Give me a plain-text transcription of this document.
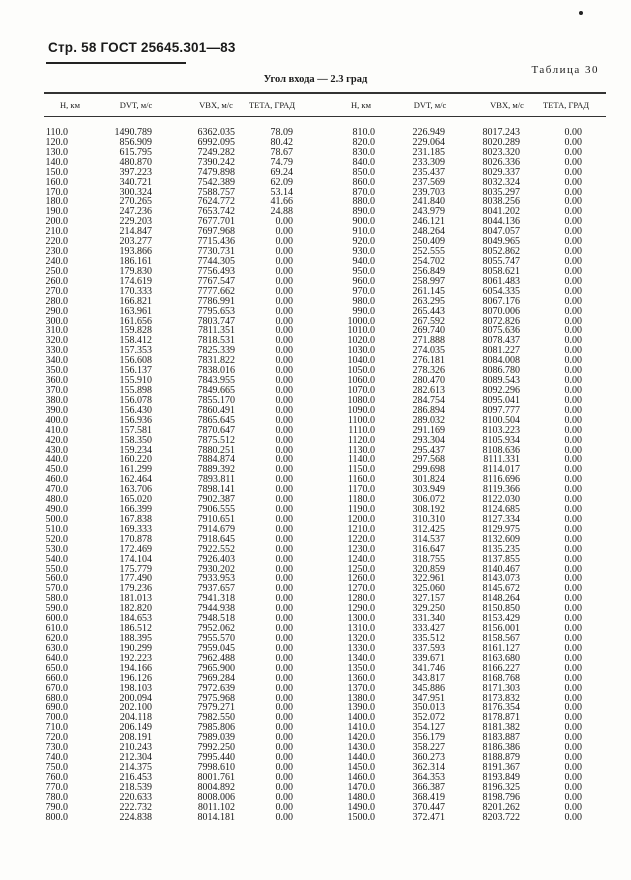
Стр. 58 ГОСТ 25645.301—83
Таблица 30
Угол входа — 2.3 град
H, км	DVT, м/с	VBX, м/с ТЕТА, ГРАД	H, км	DVT, м/с	VBX, м/с ТЕТА, ГРАД
110.0	1490.789	6362.035	78.09	810.0	226.949	8017.243	0.00
120.0	856.909	6992.095	80.42	820.0	229.064	8020.289	0.00
130.0	615.795	7249.282	78.67	830.0	231.185	8023.320	0.00
140.0	480.870	7390.242	74.79	840.0	233.309	8026.336	0.00
150.0	397.223	7479.898	69.24	850.0	235.437	8029.337	0.00
160.0	340.721	7542.389	62.09	860.0	237.569	8032.324	0.00
170.0	300.324	7588.757	53.14	870.0	239.703	8035.297	0.00
180.0	270.265	7624.772	41.66	880.0	241.840	8038.256	0.00
190.0	247.236	7653.742	24.88	890.0	243.979	8041.202	0.00
200.0	229.203	7677.701	0.00	900.0	246.121	8044.136	0.00
210.0	214.847	7697.968	0.00	910.0	248.264	8047.057	0.00
220.0	203.277	7715.436	0.00	920.0	250.409	8049.965	0.00
230.0	193.866	7730.731	0.00	930.0	252.555	8052.862	0.00
240.0	186.161	7744.305	0.00	940.0	254.702	8055.747	0.00
250.0	179.830	7756.493	0.00	950.0	256.849	8058.621	0.00
260.0	174.619	7767.547	0.00	960.0	258.997	8061.483	0.00
270.0	170.333	7777.662	0.00	970.0	261.145	6054.335	0.00
280.0	166.821	7786.991	0.00	980.0	263.295	8067.176	0.00
290.0	163.961	7795.653	0.00	990.0	265.443	8070.006	0.00
300.0	161.656	7803.747	0.00	1000.0	267.592	8072.826	0.00
310.0	159.828	7811.351	0.00	1010.0	269.740	8075.636	0.00
320.0	158.412	7818.531	0.00	1020.0	271.888	8078.437	0.00
330.0	157.353	7825.339	0.00	1030.0	274.035	8081.227	0.00
340.0	156.608	7831.822	0.00	1040.0	276.181	8084.008	0.00
350.0	156.137	7838.016	0.00	1050.0	278.326	8086.780	0.00
360.0	155.910	7843.955	0.00	1060.0	280.470	8089.543	0.00
370.0	155.898	7849.665	0.00	1070.0	282.613	8092.296	0.00
380.0	156.078	7855.170	0.00	1080.0	284.754	8095.041	0.00
390.0	156.430	7860.491	0.00	1090.0	286.894	8097.777	0.00
400.0	156.936	7865.645	0.00	1100.0	289.032	8100.504	0.00
410.0	157.581	7870.647	0.00	1110.0	291.169	8103.223	0.00
420.0	158.350	7875.512	0.00	1120.0	293.304	8105.934	0.00
430.0	159.234	7880.251	0.00	1130.0	295.437	8108.636	0.00
440.0	160.220	7884.874	0.00	1140.0	297.568	8111.331	0.00
450.0	161.299	7889.392	0.00	1150.0	299.698	8114.017	0.00
460.0	162.464	7893.811	0.00	1160.0	301.824	8116.696	0.00
470.0	163.706	7898.141	0.00	1170.0	303.949	8119.366	0.00
480.0	165.020	7902.387	0.00	1180.0	306.072	8122.030	0.00
490.0	166.399	7906.555	0.00	1190.0	308.192	8124.685	0.00
500.0	167.838	7910.651	0.00	1200.0	310.310	8127.334	0.00
510.0	169.333	7914.679	0.00	1210.0	312.425	8129.975	0.00
520.0	170.878	7918.645	0.00	1220.0	314.537	8132.609	0.00
530.0	172.469	7922.552	0.00	1230.0	316.647	8135.235	0.00
540.0	174.104	7926.403	0.00	1240.0	318.755	8137.855	0.00
550.0	175.779	7930.202	0.00	1250.0	320.859	8140.467	0.00
560.0	177.490	7933.953	0.00	1260.0	322.961	8143.073	0.00
570.0	179.236	7937.657	0.00	1270.0	325.060	8145.672	0.00
580.0	181.013	7941.318	0.00	1280.0	327.157	8148.264	0.00
590.0	182.820	7944.938	0.00	1290.0	329.250	8150.850	0.00
600.0	184.653	7948.518	0.00	1300.0	331.340	8153.429	0.00
610.0	186.512	7952.062	0.00	1310.0	333.427	8156.001	0.00
620.0	188.395	7955.570	0.00	1320.0	335.512	8158.567	0.00
630.0	190.299	7959.045	0.00	1330.0	337.593	8161.127	0.00
640.0	192.223	7962.488	0.00	1340.0	339.671	8163.680	0.00
650.0	194.166	7965.900	0.00	1350.0	341.746	8166.227	0.00
660.0	196.126	7969.284	0.00	1360.0	343.817	8168.768	0.00
670.0	198.103	7972.639	0.00	1370.0	345.886	8171.303	0.00
680.0	200.094	7975.968	0.00	1380.0	347.951	8173.832	0.00
690.0	202.100	7979.271	0.00	1390.0	350.013	8176.354	0.00
700.0	204.118	7982.550	0.00	1400.0	352.072	8178.871	0.00
710.0	206.149	7985.806	0.00	1410.0	354.127	8181.382	0.00
720.0	208.191	7989.039	0.00	1420.0	356.179	8183.887	0.00
730.0	210.243	7992.250	0.00	1430.0	358.227	8186.386	0.00
740.0	212.304	7995.440	0.00	1440.0	360.273	8188.879	0.00
750.0	214.375	7998.610	0.00	1450.0	362.314	8191.367	0.00
760.0	216.453	8001.761	0.00	1460.0	364.353	8193.849	0.00
770.0	218.539	8004.892	0.00	1470.0	366.387	8196.325	0.00
780.0	220.633	8008.006	0.00	1480.0	368.419	8198.796	0.00
790.0	222.732	8011.102	0.00	1490.0	370.447	8201.262	0.00
800.0	224.838	8014.181	0.00	1500.0	372.471	8203.722	0.00
